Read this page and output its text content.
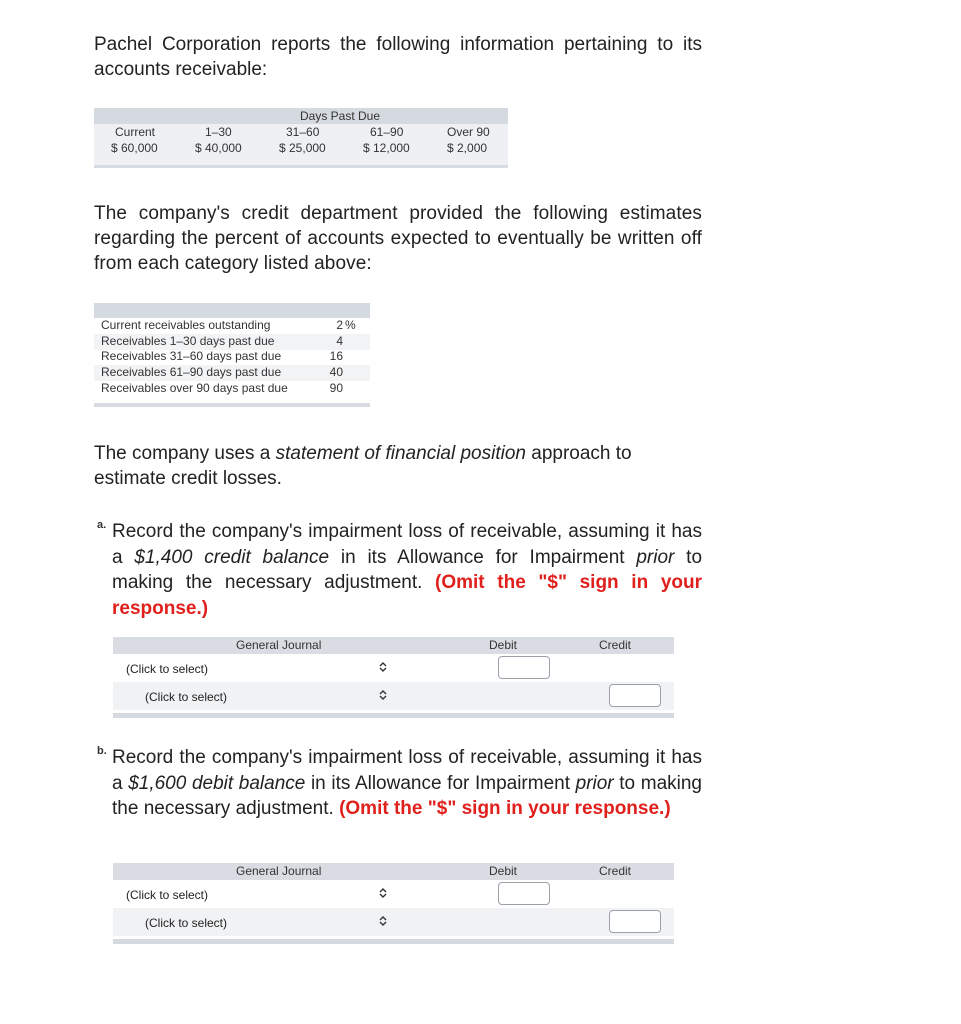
Pachel Corporation reports the following information pertaining to its accounts receivable:

Days Past Due
Current	1–30	31–60	61–90	Over 90
$ 60,000	$ 40,000	$ 25,000	$ 12,000	$ 2,000

The company's credit department provided the following estimates regarding the percent of accounts expected to eventually be written off from each category listed above:

Current receivables outstanding	2 %
Receivables 1–30 days past due	4
Receivables 31–60 days past due	16
Receivables 61–90 days past due	40
Receivables over 90 days past due	90

The company uses a statement of financial position approach to estimate credit losses.

a. Record the company's impairment loss of receivable, assuming it has a $1,400 credit balance in its Allowance for Impairment prior to making the necessary adjustment. (Omit the "$" sign in your response.)

General Journal	Debit	Credit
(Click to select)
(Click to select)
b. Record the company's impairment loss of receivable, assuming it has a $1,600 debit balance in its Allowance for Impairment prior to making the necessary adjustment. (Omit the "$" sign in your response.)

General Journal	Debit	Credit
(Click to select)
(Click to select)
